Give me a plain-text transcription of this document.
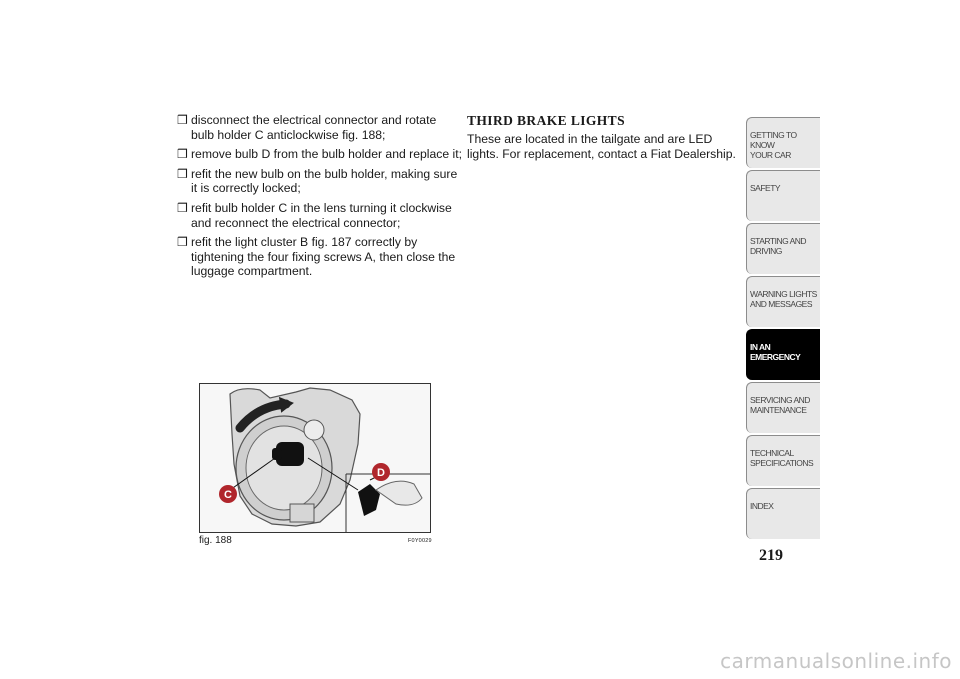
❒ disconnect the electrical connector and rotate bulb holder C anticlockwise fig. 188;
❒ remove bulb D from the bulb holder and replace it;
❒ refit the new bulb on the bulb holder, making sure it is correctly locked;
❒ refit bulb holder C in the lens turning it clockwise and reconnect the electrical connector;
❒ refit the light cluster B fig. 187 correctly by tightening the four fixing screws A, then close the luggage compartment.
THIRD BRAKE LIGHTS
These are located in the tailgate and are LED lights. For replacement, contact a Fiat Dealership.
C
D
fig. 188	F0Y0029
GETTING TO KNOW
YOUR CAR
SAFETY
STARTING AND
DRIVING
WARNING LIGHTS
AND MESSAGES
IN AN
EMERGENCY
SERVICING AND
MAINTENANCE
TECHNICAL
SPECIFICATIONS
INDEX
219
carmanualsonline.info
